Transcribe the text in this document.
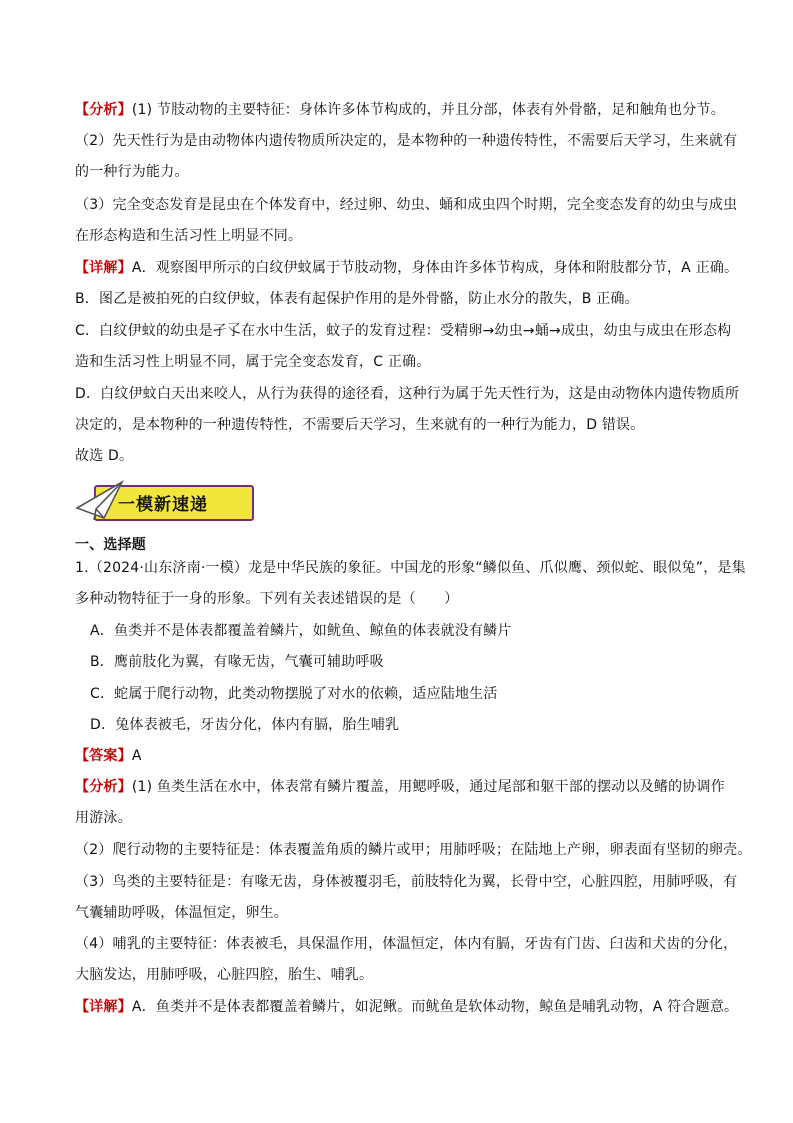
【分析】(1) 节肢动物的主要特征：身体许多体节构成的，并且分部，体表有外骨骼，足和触角也分节。
（2）先天性行为是由动物体内遗传物质所决定的，是本物种的一种遗传特性，不需要后天学习，生来就有
的一种行为能力。
（3）完全变态发育是昆虫在个体发育中，经过卵、幼虫、蛹和成虫四个时期，完全变态发育的幼虫与成虫
在形态构造和生活习性上明显不同。
【详解】A．观察图甲所示的白纹伊蚊属于节肢动物，身体由许多体节构成，身体和附肢都分节，A 正确。
B．图乙是被拍死的白纹伊蚊，体表有起保护作用的是外骨骼，防止水分的散失，B 正确。
C．白纹伊蚊的幼虫是孑孓在水中生活，蚊子的发育过程：受精卵→幼虫→蛹→成虫，幼虫与成虫在形态构
造和生活习性上明显不同，属于完全变态发育，C 正确。
D．白纹伊蚊白天出来咬人，从行为获得的途径看，这种行为属于先天性行为，这是由动物体内遗传物质所
决定的，是本物种的一种遗传特性，不需要后天学习，生来就有的一种行为能力，D 错误。
故选 D。
一模新速递
一、选择题
1.（2024·山东济南·一模）龙是中华民族的象征。中国龙的形象“鳞似鱼、爪似鹰、颈似蛇、眼似兔”，是集
多种动物特征于一身的形象。下列有关表述错误的是（　　）
A．鱼类并不是体表都覆盖着鳞片，如鱿鱼、鲸鱼的体表就没有鳞片
B．鹰前肢化为翼，有喙无齿，气囊可辅助呼吸
C．蛇属于爬行动物，此类动物摆脱了对水的依赖，适应陆地生活
D．兔体表被毛，牙齿分化，体内有膈，胎生哺乳
【答案】A
【分析】(1) 鱼类生活在水中，体表常有鳞片覆盖，用鳃呼吸，通过尾部和躯干部的摆动以及鳍的协调作
用游泳。
（2）爬行动物的主要特征是：体表覆盖角质的鳞片或甲；用肺呼吸；在陆地上产卵，卵表面有坚韧的卵壳。
（3）鸟类的主要特征是：有喙无齿，身体被覆羽毛，前肢特化为翼，长骨中空，心脏四腔，用肺呼吸，有
气囊辅助呼吸，体温恒定，卵生。
（4）哺乳的主要特征：体表被毛，具保温作用，体温恒定，体内有膈，牙齿有门齿、臼齿和犬齿的分化，
大脑发达，用肺呼吸，心脏四腔，胎生、哺乳。
【详解】A．鱼类并不是体表都覆盖着鳞片，如泥鳅。而鱿鱼是软体动物，鲸鱼是哺乳动物，A 符合题意。
